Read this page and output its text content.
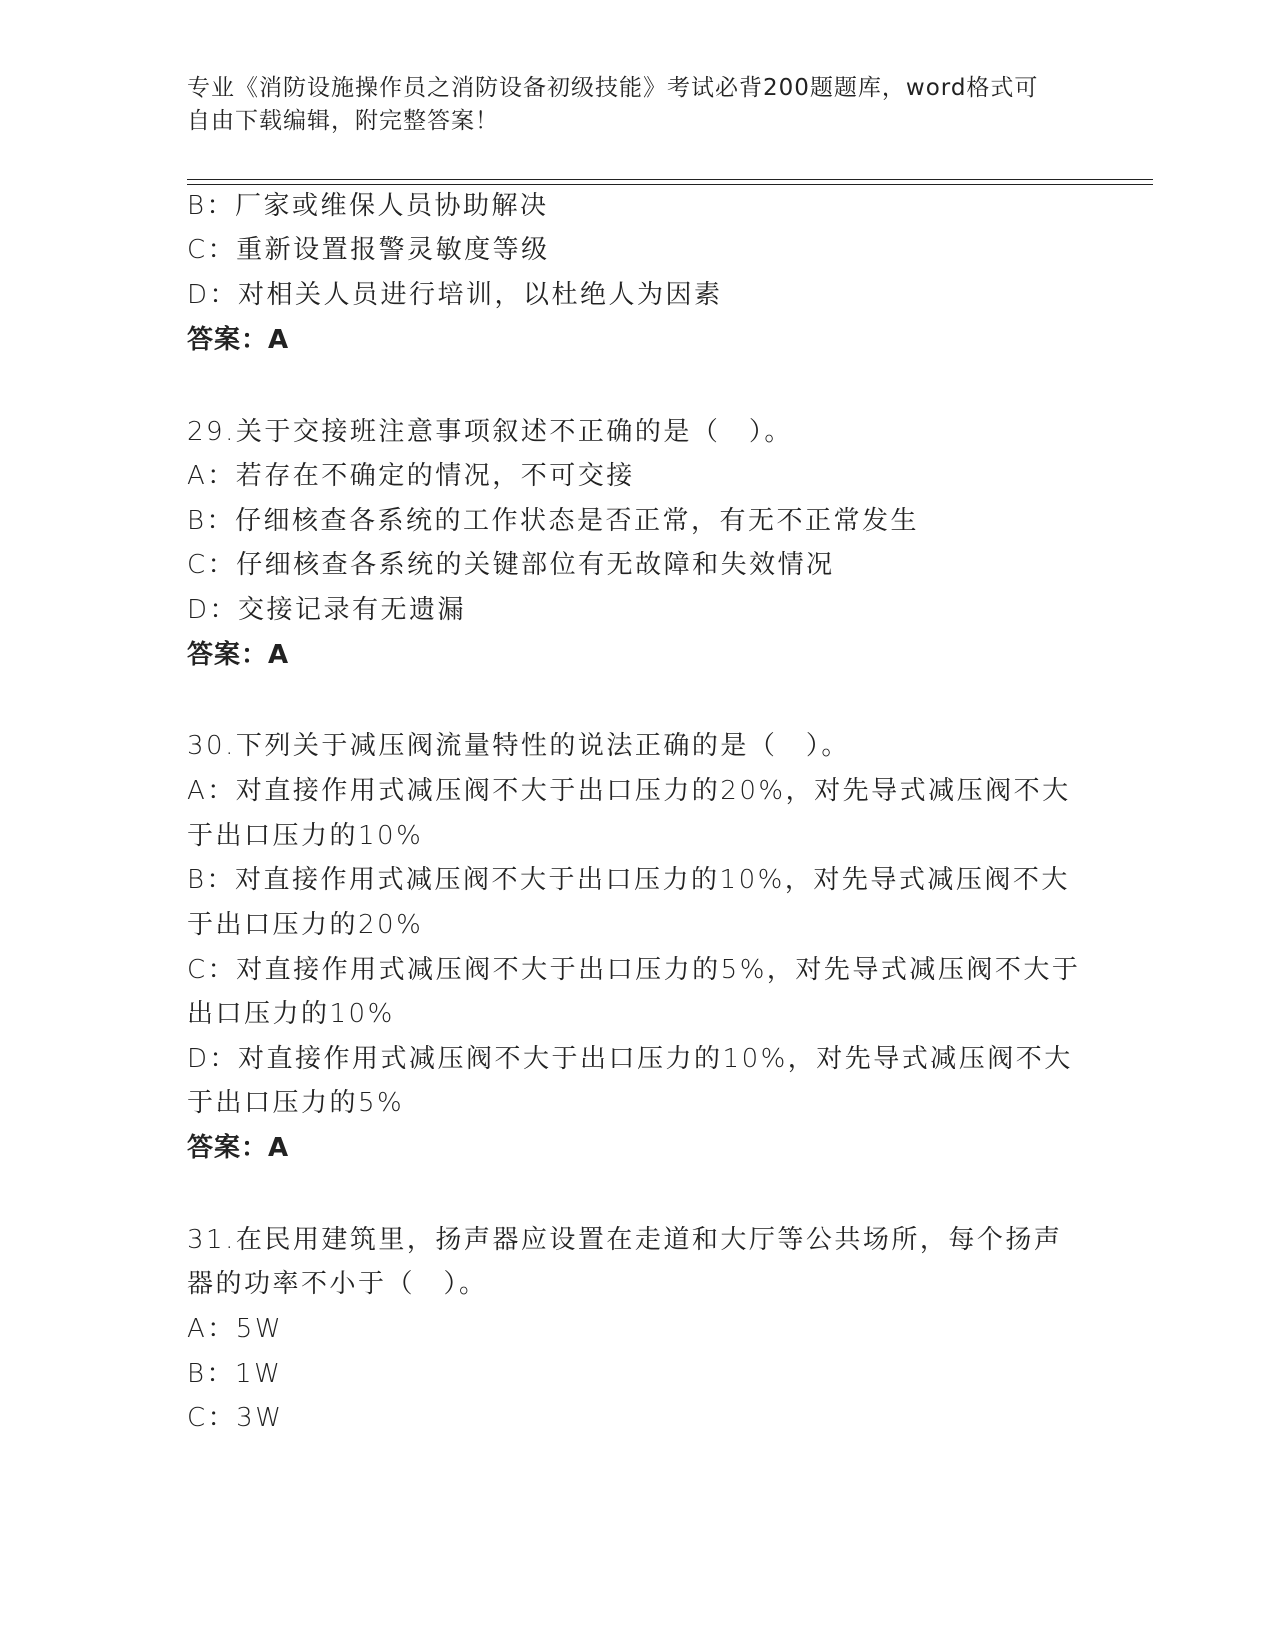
专业《消防设施操作员之消防设备初级技能》考试必背200题题库，word格式可
自由下载编辑，附完整答案！
B：厂家或维保人员协助解决
C：重新设置报警灵敏度等级
D：对相关人员进行培训，以杜绝人为因素
答案：A
29.关于交接班注意事项叙述不正确的是（　）。
A：若存在不确定的情况，不可交接
B：仔细核查各系统的工作状态是否正常，有无不正常发生
C：仔细核查各系统的关键部位有无故障和失效情况
D：交接记录有无遗漏
答案：A
30.下列关于减压阀流量特性的说法正确的是（　）。
A：对直接作用式减压阀不大于出口压力的20%，对先导式减压阀不大
于出口压力的10%
B：对直接作用式减压阀不大于出口压力的10%，对先导式减压阀不大
于出口压力的20%
C：对直接作用式减压阀不大于出口压力的5%，对先导式减压阀不大于
出口压力的10%
D：对直接作用式减压阀不大于出口压力的10%，对先导式减压阀不大
于出口压力的5%
答案：A
31.在民用建筑里，扬声器应设置在走道和大厅等公共场所，每个扬声
器的功率不小于（　）。
A：5W
B：1W
C：3W
